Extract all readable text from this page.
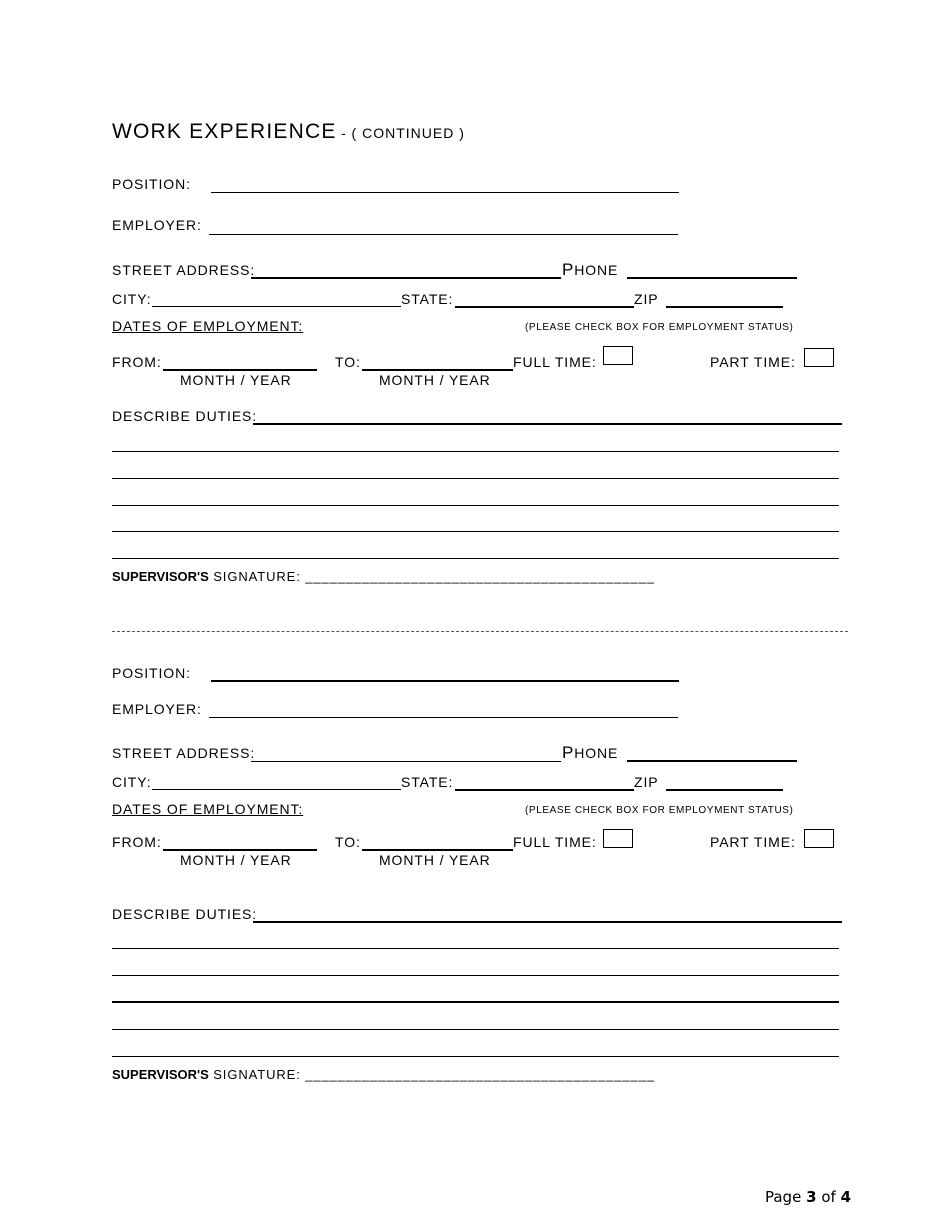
WORK EXPERIENCE - ( CONTINUED )
POSITION:
EMPLOYER:
STREET ADDRESS:	PHONE
CITY:	STATE:	ZIP
DATES OF EMPLOYMENT:	(PLEASE CHECK BOX FOR EMPLOYMENT STATUS)
FROM:	TO:	FULL TIME:	PART TIME:
MONTH / YEAR	MONTH / YEAR
DESCRIBE DUTIES:
SUPERVISOR'S SIGNATURE: ___________________________________________
POSITION:
EMPLOYER:
STREET ADDRESS:	PHONE
CITY:	STATE:	ZIP
DATES OF EMPLOYMENT:	(PLEASE CHECK BOX FOR EMPLOYMENT STATUS)
FROM:	TO:	FULL TIME:	PART TIME:
MONTH / YEAR	MONTH / YEAR
DESCRIBE DUTIES:
SUPERVISOR'S SIGNATURE: ___________________________________________
Page 3 of 4
